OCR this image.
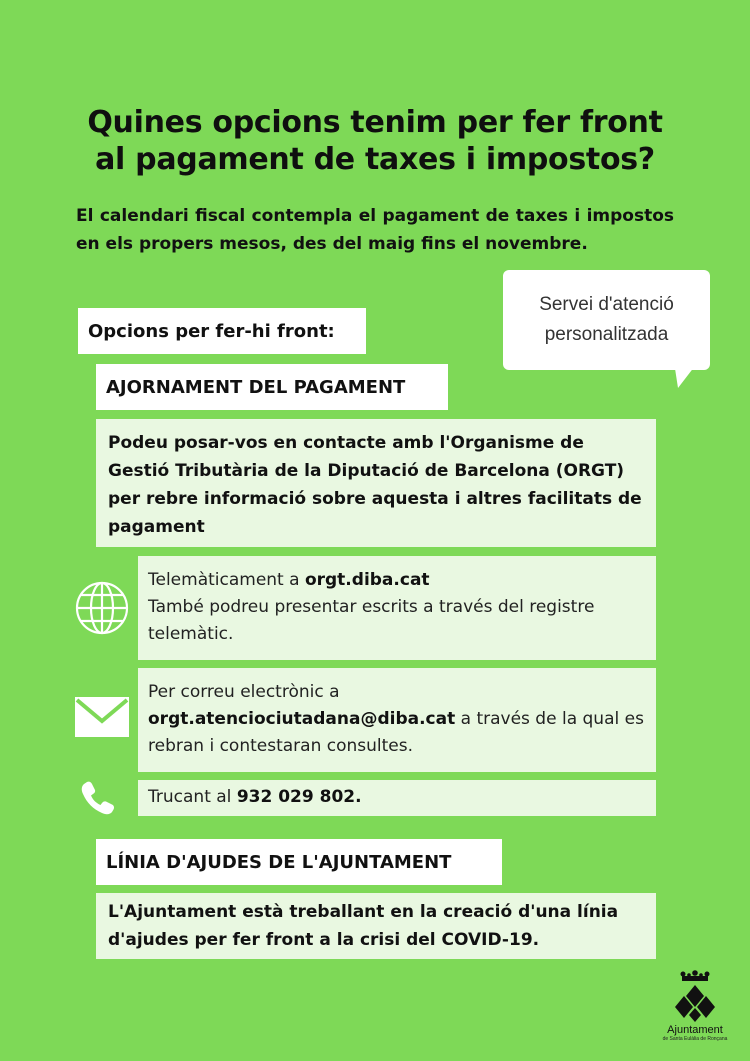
Quines opcions tenim per fer front
al pagament de taxes i impostos?
El calendari fiscal contempla el pagament de taxes i impostos en els propers mesos, des del maig fins el novembre.
Servei d'atenció
personalitzada
Opcions per fer-hi front:
AJORNAMENT DEL PAGAMENT
Podeu posar-vos en contacte amb l'Organisme de Gestió Tributària de la Diputació de Barcelona (ORGT) per rebre informació sobre aquesta i altres facilitats de pagament
Telemàticament a orgt.diba.cat
També podreu presentar escrits a través del registre telemàtic.
Per correu electrònic a
orgt.atenciociutadana@diba.cat a través de la qual es rebran i contestaran consultes.
Trucant al 932 029 802.
LÍNIA D'AJUDES DE L'AJUNTAMENT
L'Ajuntament està treballant en la creació d'una línia d'ajudes per fer front a la crisi del COVID-19.
Ajuntament
de Santa Eulàlia de Ronçana
